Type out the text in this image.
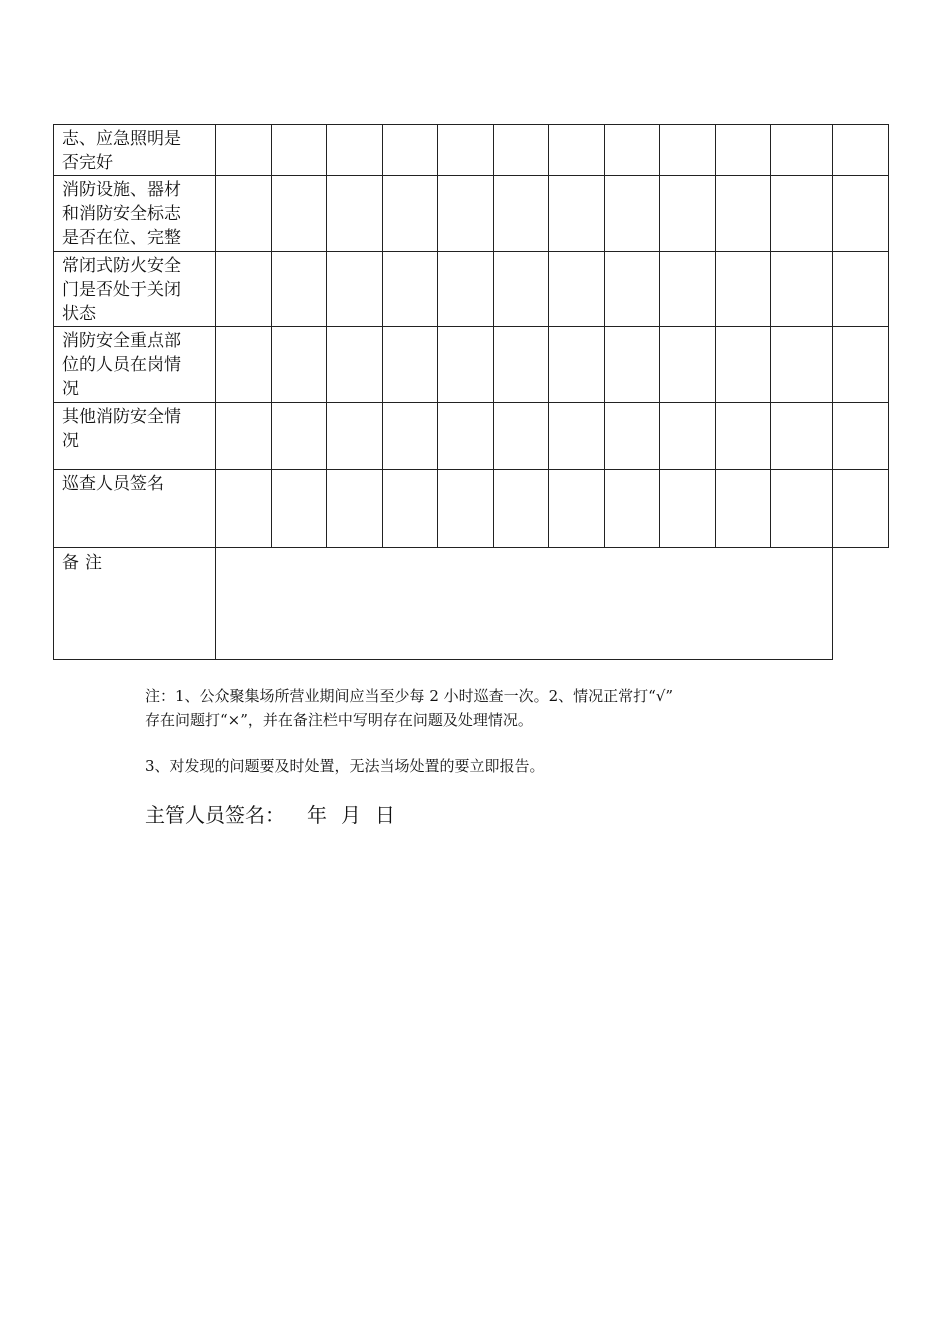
志、应急照明是
否完好												

消防设施、器材
和消防安全标志
是否在位、完整												

常闭式防火安全
门是否处于关闭
状态												

消防安全重点部
位的人员在岗情
况												

其他消防安全情
况												

巡查人员签名												

备注												

注：1、公众聚集场所营业期间应当至少每 2 小时巡查一次。2、情况正常打“√”

存在问题打“×”，并在备注栏中写明存在问题及处理情况。

3、对发现的问题要及时处置，无法当场处置的要立即报告。

主管人员签名： 年 月 日
